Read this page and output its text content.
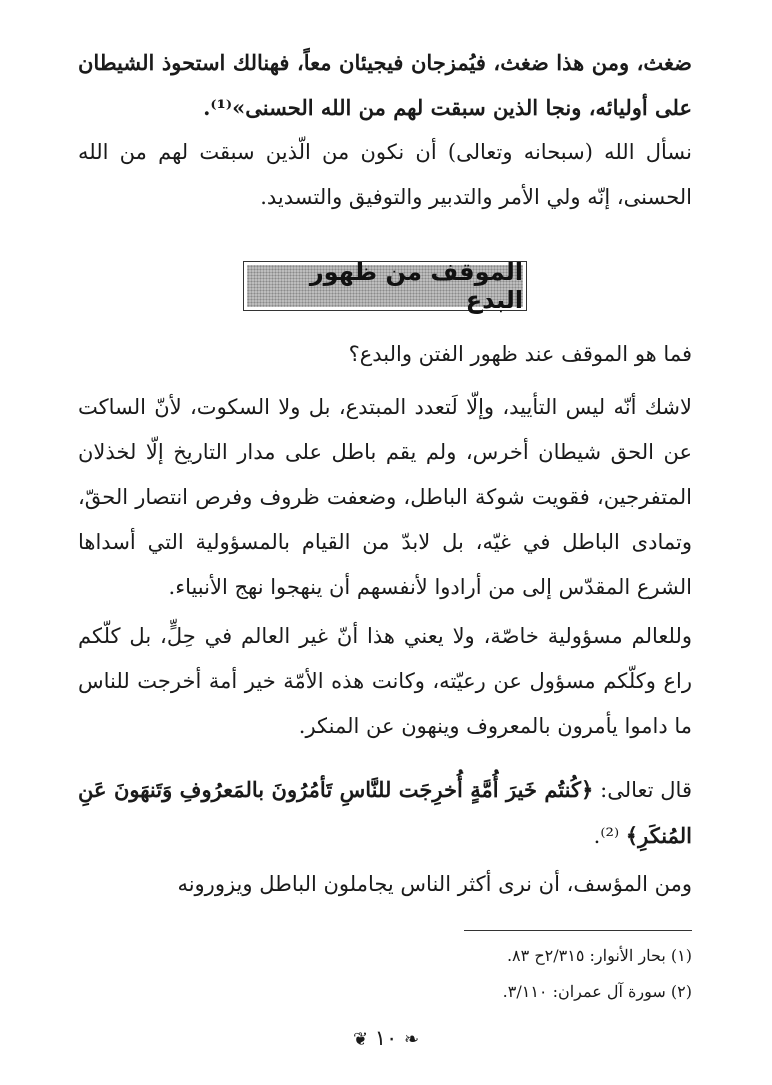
ضغث، ومن هذا ضغث، فيُمزجان فيجيئان معاً، فهنالك استحوذ الشيطان على أوليائه، ونجا الذين سبقت لهم من الله الحسنى»⁽¹⁾.

نسأل الله (سبحانه وتعالى) أن نكون من الّذين سبقت لهم من الله الحسنى، إنّه ولي الأمر والتدبير والتوفيق والتسديد.

الموقف من ظهور البدع

فما هو الموقف عند ظهور الفتن والبدع؟

لاشك أنّه ليس التأييد، وإلّا لَتعدد المبتدع، بل ولا السكوت، لأنّ الساكت عن الحق شيطان أخرس، ولم يقم باطل على مدار التاريخ إلّا لخذلان المتفرجين، فقويت شوكة الباطل، وضعفت ظروف وفرص انتصار الحقّ، وتمادى الباطل في غيّه، بل لابدّ من القيام بالمسؤولية التي أسداها الشرع المقدّس إلى من أرادوا لأنفسهم أن ينهجوا نهج الأنبياء.

وللعالم مسؤولية خاصّة، ولا يعني هذا أنّ غير العالم في حِلٍّ، بل كلّكم راع وكلّكم مسؤول عن رعيّته، وكانت هذه الأمّة خير أمة أخرجت للناس ما داموا يأمرون بالمعروف وينهون عن المنكر.

قال تعالى: ﴿كُنتُم خَيرَ أُمَّةٍ أُخرِجَت للنَّاسِ تَأمُرُونَ بالمَعرُوفِ وَتَنهَونَ عَنِ المُنكَرِ﴾ ⁽²⁾.

ومن المؤسف، أن نرى أكثر الناس يجاملون الباطل ويزورونه

(١) بحار الأنوار: ٢/٣١٥ح ٨٣.

(٢) سورة آل عمران: ٣/١١٠.

❧ ١٠ ❦
